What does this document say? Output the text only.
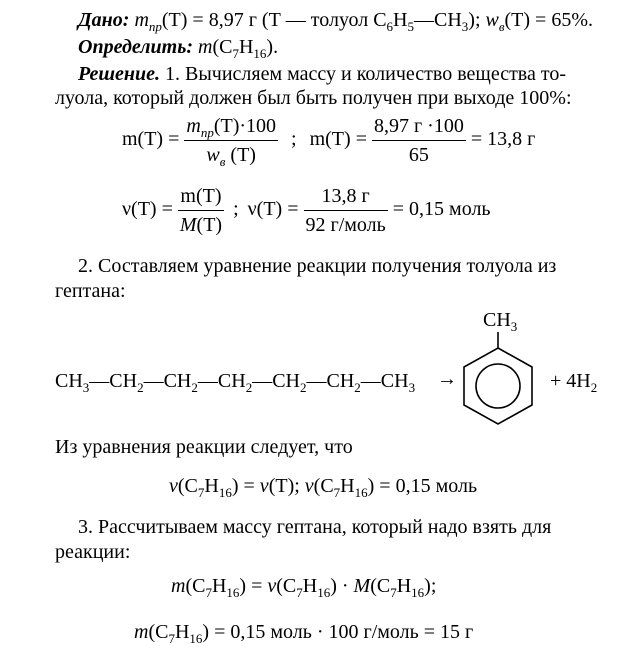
Дано: $m_{пр}(Т) = 8,97$ г (Т — толуол $C_6H_5—CH_3$); $w_в(Т) = 65\%$.
Определить: $m(C_7H_{16})$.
Решение. 1. Вычисляем массу и количество вещества то-
луола, который должен был быть получен при выходе 100%:
$m(Т) = \frac{m_{пр}(Т)\cdot 100}{w_в (Т)}$ ; $m(Т) = \frac{8,97 г \cdot 100}{65} = 13,8$ г
$\nu(Т) = \frac{m(Т)}{M(Т)}$ ; $\nu(Т) = \frac{13,8 г}{\text{92 г/моль}} = 0,15$ моль
2. Составляем уравнение реакции получения толуола из
гептана:
$CH_3$
$CH_3—CH_2—CH_2—CH_2—CH_2—CH_2—CH_3$ →	+ $4H_2$
Из уравнения реакции следует, что
$\nu(C_7H_{16}) = \nu(Т)$; $\nu(C_7H_{16}) = 0,15$ моль
3. Рассчитываем массу гептана, который надо взять для
реакции:
$m(C_7H_{16}) = \nu(C_7H_{16}) \cdot M(C_7H_{16})$;
$m(C_7H_{16}) = 0,15$ моль · 100 г/моль = 15 г
